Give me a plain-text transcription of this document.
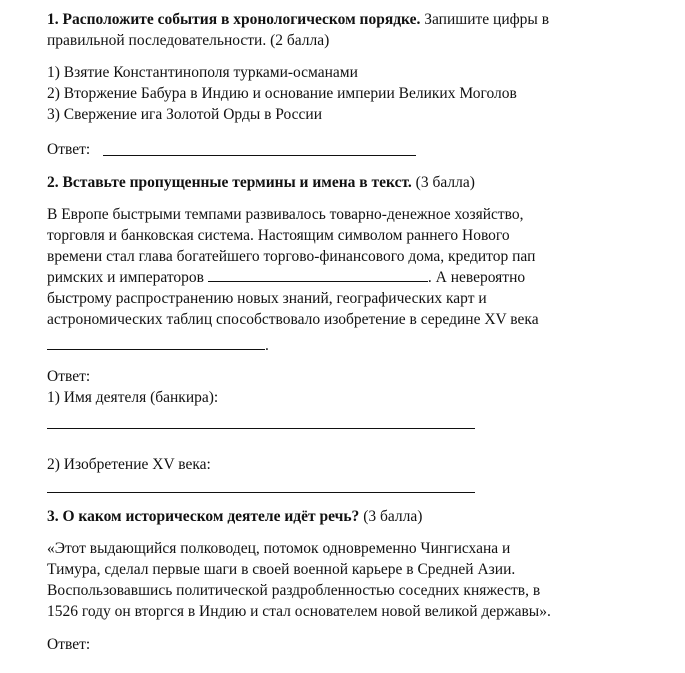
1. Расположите события в хронологическом порядке. Запишите цифры в
правильной последовательности. (2 балла)
1) Взятие Константинополя турками-османами
2) Вторжение Бабура в Индию и основание империи Великих Моголов
3) Свержение ига Золотой Орды в России
Ответ:
2. Вставьте пропущенные термины и имена в текст. (3 балла)
В Европе быстрыми темпами развивалось товарно-денежное хозяйство,
торговля и банковская система. Настоящим символом раннего Нового
времени стал глава богатейшего торгово-финансового дома, кредитор пап
римских и императоров	. А невероятно
быстрому распространению новых знаний, географических карт и
астрономических таблиц способствовало изобретение в середине XV века
.
Ответ:
1) Имя деятеля (банкира):
2) Изобретение XV века:
3. О каком историческом деятеле идёт речь? (3 балла)
«Этот выдающийся полководец, потомок одновременно Чингисхана и
Тимура, сделал первые шаги в своей военной карьере в Средней Азии.
Воспользовавшись политической раздробленностью соседних княжеств, в
1526 году он вторгся в Индию и стал основателем новой великой державы».
Ответ:
